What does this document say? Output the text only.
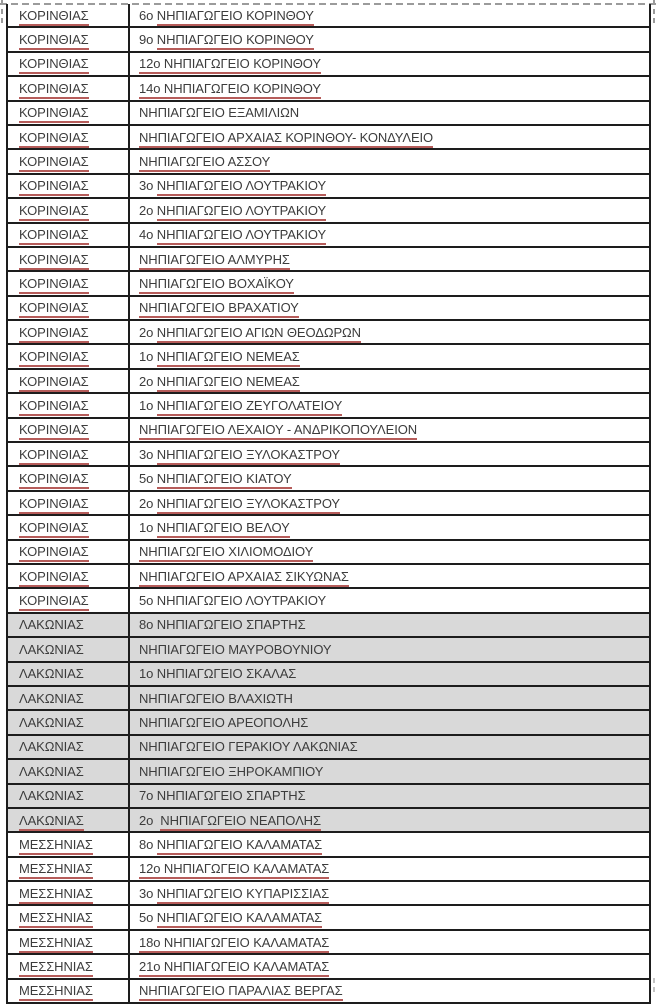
ΚΟΡΙΝΘΙΑΣ	6ο ΝΗΠΙΑΓΩΓΕΙΟ ΚΟΡΙΝΘΟΥ
ΚΟΡΙΝΘΙΑΣ	9ο ΝΗΠΙΑΓΩΓΕΙΟ ΚΟΡΙΝΘΟΥ
ΚΟΡΙΝΘΙΑΣ	12ο ΝΗΠΙΑΓΩΓΕΙΟ ΚΟΡΙΝΘΟΥ
ΚΟΡΙΝΘΙΑΣ	14ο ΝΗΠΙΑΓΩΓΕΙΟ ΚΟΡΙΝΘΟΥ
ΚΟΡΙΝΘΙΑΣ	ΝΗΠΙΑΓΩΓΕΙΟ ΕΞΑΜΙΛΙΩΝ
ΚΟΡΙΝΘΙΑΣ	ΝΗΠΙΑΓΩΓΕΙΟ ΑΡΧΑΙΑΣ ΚΟΡΙΝΘΟΥ- ΚΟΝΔΥΛΕΙΟ
ΚΟΡΙΝΘΙΑΣ	ΝΗΠΙΑΓΩΓΕΙΟ ΑΣΣΟΥ
ΚΟΡΙΝΘΙΑΣ	3ο ΝΗΠΙΑΓΩΓΕΙΟ ΛΟΥΤΡΑΚΙΟΥ
ΚΟΡΙΝΘΙΑΣ	2ο ΝΗΠΙΑΓΩΓΕΙΟ ΛΟΥΤΡΑΚΙΟΥ
ΚΟΡΙΝΘΙΑΣ	4ο ΝΗΠΙΑΓΩΓΕΙΟ ΛΟΥΤΡΑΚΙΟΥ
ΚΟΡΙΝΘΙΑΣ	ΝΗΠΙΑΓΩΓΕΙΟ ΑΛΜΥΡΗΣ
ΚΟΡΙΝΘΙΑΣ	ΝΗΠΙΑΓΩΓΕΙΟ ΒΟΧΑΪΚΟΥ
ΚΟΡΙΝΘΙΑΣ	ΝΗΠΙΑΓΩΓΕΙΟ ΒΡΑΧΑΤΙΟΥ
ΚΟΡΙΝΘΙΑΣ	2ο ΝΗΠΙΑΓΩΓΕΙΟ ΑΓΙΩΝ ΘΕΟΔΩΡΩΝ
ΚΟΡΙΝΘΙΑΣ	1ο ΝΗΠΙΑΓΩΓΕΙΟ ΝΕΜΕΑΣ
ΚΟΡΙΝΘΙΑΣ	2ο ΝΗΠΙΑΓΩΓΕΙΟ ΝΕΜΕΑΣ
ΚΟΡΙΝΘΙΑΣ	1ο ΝΗΠΙΑΓΩΓΕΙΟ ΖΕΥΓΟΛΑΤΕΙΟΥ
ΚΟΡΙΝΘΙΑΣ	ΝΗΠΙΑΓΩΓΕΙΟ ΛΕΧΑΙΟΥ - ΑΝΔΡΙΚΟΠΟΥΛΕΙΟΝ
ΚΟΡΙΝΘΙΑΣ	3ο ΝΗΠΙΑΓΩΓΕΙΟ ΞΥΛΟΚΑΣΤΡΟΥ
ΚΟΡΙΝΘΙΑΣ	5ο ΝΗΠΙΑΓΩΓΕΙΟ ΚΙΑΤΟΥ
ΚΟΡΙΝΘΙΑΣ	2ο ΝΗΠΙΑΓΩΓΕΙΟ ΞΥΛΟΚΑΣΤΡΟΥ
ΚΟΡΙΝΘΙΑΣ	1ο ΝΗΠΙΑΓΩΓΕΙΟ ΒΕΛΟΥ
ΚΟΡΙΝΘΙΑΣ	ΝΗΠΙΑΓΩΓΕΙΟ ΧΙΛΙΟΜΟΔΙΟΥ
ΚΟΡΙΝΘΙΑΣ	ΝΗΠΙΑΓΩΓΕΙΟ ΑΡΧΑΙΑΣ ΣΙΚΥΩΝΑΣ
ΚΟΡΙΝΘΙΑΣ	5ο ΝΗΠΙΑΓΩΓΕΙΟ ΛΟΥΤΡΑΚΙΟΥ
ΛΑΚΩΝΙΑΣ	8ο ΝΗΠΙΑΓΩΓΕΙΟ ΣΠΑΡΤΗΣ
ΛΑΚΩΝΙΑΣ	ΝΗΠΙΑΓΩΓΕΙΟ ΜΑΥΡΟΒΟΥΝΙΟΥ
ΛΑΚΩΝΙΑΣ	1ο ΝΗΠΙΑΓΩΓΕΙΟ ΣΚΑΛΑΣ
ΛΑΚΩΝΙΑΣ	ΝΗΠΙΑΓΩΓΕΙΟ ΒΛΑΧΙΩΤΗ
ΛΑΚΩΝΙΑΣ	ΝΗΠΙΑΓΩΓΕΙΟ ΑΡΕΟΠΟΛΗΣ
ΛΑΚΩΝΙΑΣ	ΝΗΠΙΑΓΩΓΕΙΟ ΓΕΡΑΚΙΟΥ ΛΑΚΩΝΙΑΣ
ΛΑΚΩΝΙΑΣ	ΝΗΠΙΑΓΩΓΕΙΟ ΞΗΡΟΚΑΜΠΙΟΥ
ΛΑΚΩΝΙΑΣ	7ο ΝΗΠΙΑΓΩΓΕΙΟ ΣΠΑΡΤΗΣ
ΛΑΚΩΝΙΑΣ	2ο  ΝΗΠΙΑΓΩΓΕΙΟ ΝΕΑΠΟΛΗΣ
ΜΕΣΣΗΝΙΑΣ	8ο ΝΗΠΙΑΓΩΓΕΙΟ ΚΑΛΑΜΑΤΑΣ
ΜΕΣΣΗΝΙΑΣ	12ο ΝΗΠΙΑΓΩΓΕΙΟ ΚΑΛΑΜΑΤΑΣ
ΜΕΣΣΗΝΙΑΣ	3ο ΝΗΠΙΑΓΩΓΕΙΟ ΚΥΠΑΡΙΣΣΙΑΣ
ΜΕΣΣΗΝΙΑΣ	5ο ΝΗΠΙΑΓΩΓΕΙΟ ΚΑΛΑΜΑΤΑΣ
ΜΕΣΣΗΝΙΑΣ	18ο ΝΗΠΙΑΓΩΓΕΙΟ ΚΑΛΑΜΑΤΑΣ
ΜΕΣΣΗΝΙΑΣ	21ο ΝΗΠΙΑΓΩΓΕΙΟ ΚΑΛΑΜΑΤΑΣ
ΜΕΣΣΗΝΙΑΣ	ΝΗΠΙΑΓΩΓΕΙΟ ΠΑΡΑΛΙΑΣ ΒΕΡΓΑΣ
